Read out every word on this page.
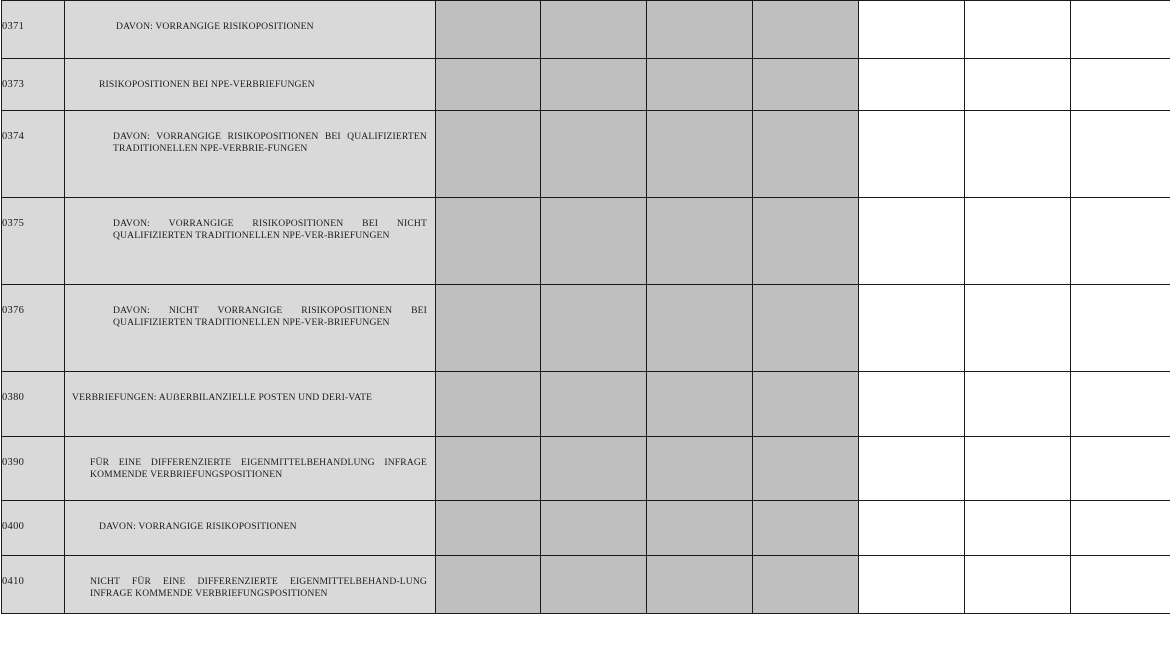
0371	DAVON: VORRANGIGE RISIKOPOSITIONEN							

0373	RISIKOPOSITIONEN BEI NPE-VERBRIEFUNGEN							

0374	DAVON: VORRANGIGE RISIKOPOSITIONEN BEI QUALIFIZIERTEN TRADITIONELLEN NPE-VERBRIE-FUNGEN							

0375	DAVON: VORRANGIGE RISIKOPOSITIONEN BEI NICHT QUALIFIZIERTEN TRADITIONELLEN NPE-VER-BRIEFUNGEN							

0376	DAVON: NICHT VORRANGIGE RISIKOPOSITIONEN BEI QUALIFIZIERTEN TRADITIONELLEN NPE-VER-BRIEFUNGEN							

0380	VERBRIEFUNGEN: AUẞERBILANZIELLE POSTEN UND DERI-VATE							

0390	FÜR EINE DIFFERENZIERTE EIGENMITTELBEHANDLUNG INFRAGE KOMMENDE VERBRIEFUNGSPOSITIONEN							

0400	DAVON: VORRANGIGE RISIKOPOSITIONEN							

0410	NICHT FÜR EINE DIFFERENZIERTE EIGENMITTELBEHAND-LUNG INFRAGE KOMMENDE VERBRIEFUNGSPOSITIONEN							
